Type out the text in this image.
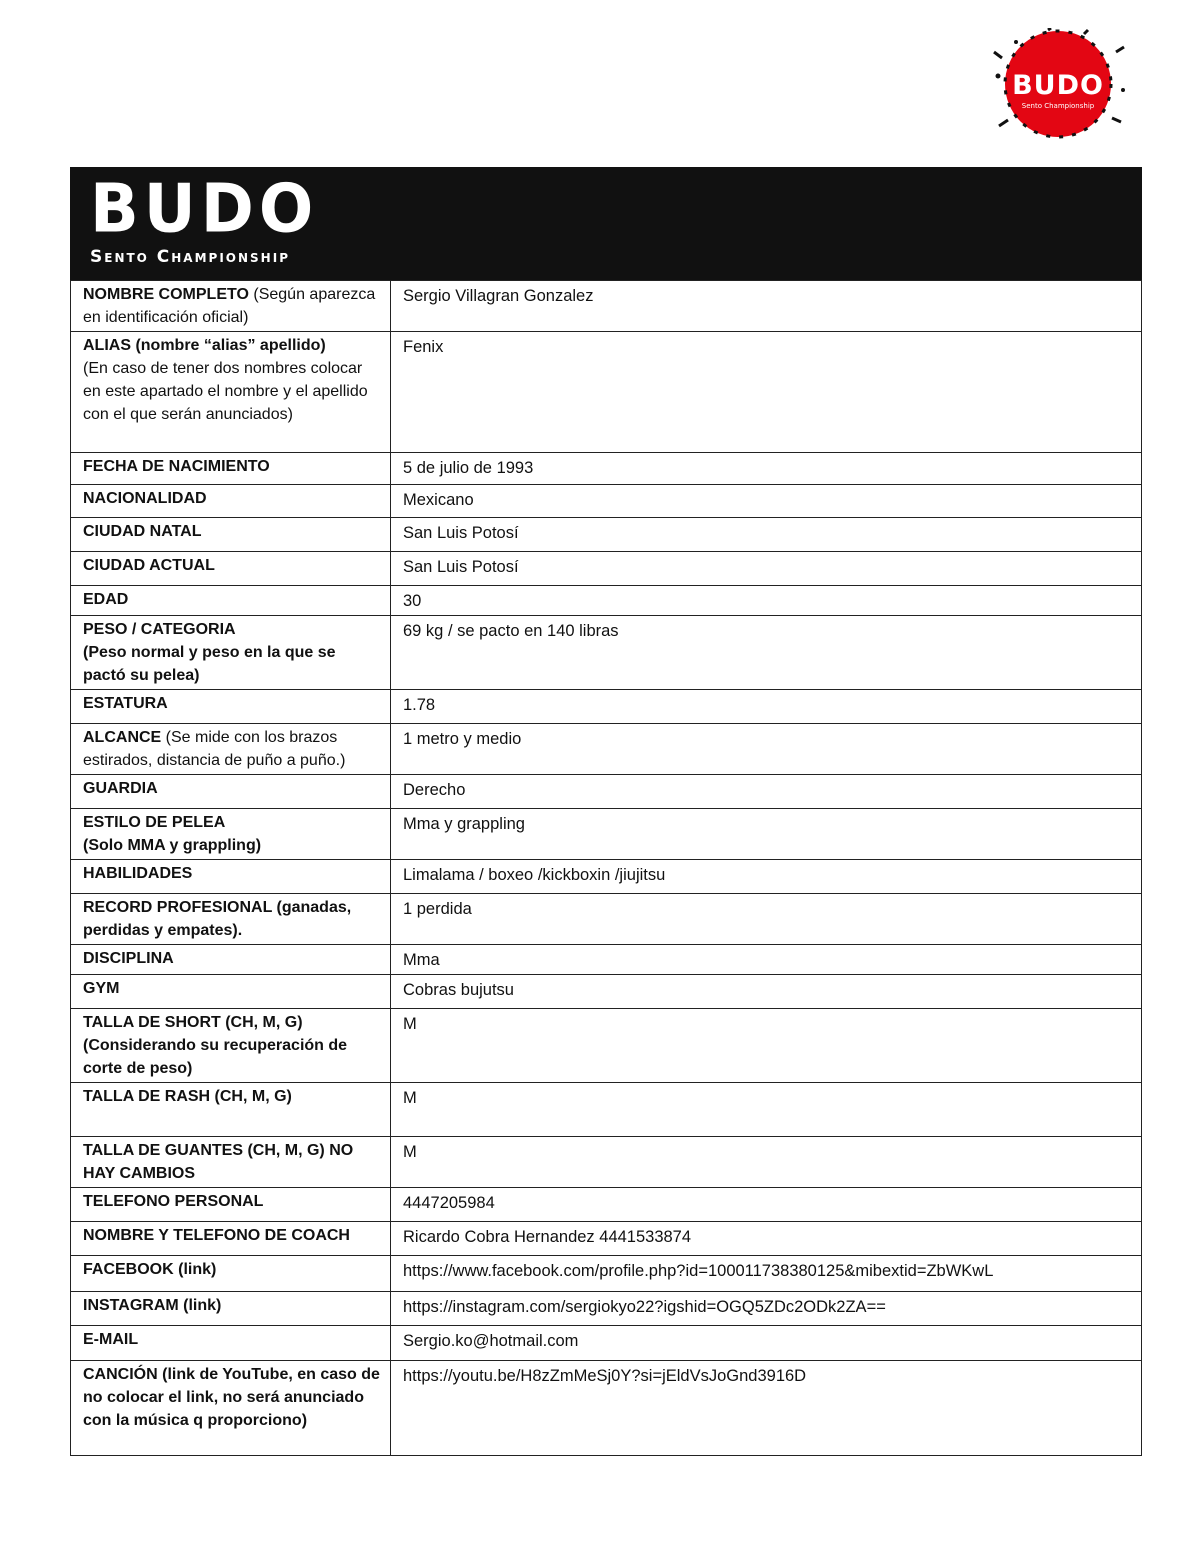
BUDO
Sento Championship
BUDO
Sento Championship
NOMBRE COMPLETO (Según aparezca en identificación oficial)	Sergio Villagran Gonzalez
ALIAS (nombre “alias” apellido)
(En caso de tener dos nombres colocar en este apartado el nombre y el apellido con el que serán anunciados)	Fenix
FECHA DE NACIMIENTO	5 de julio de 1993
NACIONALIDAD	Mexicano
CIUDAD NATAL	San Luis Potosí
CIUDAD ACTUAL	San Luis Potosí
EDAD	30
PESO / CATEGORIA
(Peso normal y peso en la que se pactó su pelea)	69 kg / se pacto en 140 libras
ESTATURA	1.78
ALCANCE (Se mide con los brazos estirados, distancia de puño a puño.)	1 metro y medio
GUARDIA	Derecho
ESTILO DE PELEA
(Solo MMA y grappling)	Mma y grappling
HABILIDADES	Limalama / boxeo /kickboxin /jiujitsu
RECORD PROFESIONAL (ganadas, perdidas y empates).	1 perdida
DISCIPLINA	Mma
GYM	Cobras bujutsu
TALLA DE SHORT (CH, M, G)
(Considerando su recuperación de corte de peso)	M
TALLA DE RASH (CH, M, G)	M
TALLA DE GUANTES (CH, M, G) NO HAY CAMBIOS	M
TELEFONO PERSONAL	4447205984
NOMBRE Y TELEFONO DE COACH	Ricardo Cobra Hernandez 4441533874
FACEBOOK (link)	https://www.facebook.com/profile.php?id=100011738380125&mibextid=ZbWKwL
INSTAGRAM (link)	https://instagram.com/sergiokyo22?igshid=OGQ5ZDc2ODk2ZA==
E-MAIL	Sergio.ko@hotmail.com
CANCIÓN (link de YouTube, en caso de no colocar el link, no será anunciado con la música q proporciono)	https://youtu.be/H8zZmMeSj0Y?si=jEldVsJoGnd3916D
